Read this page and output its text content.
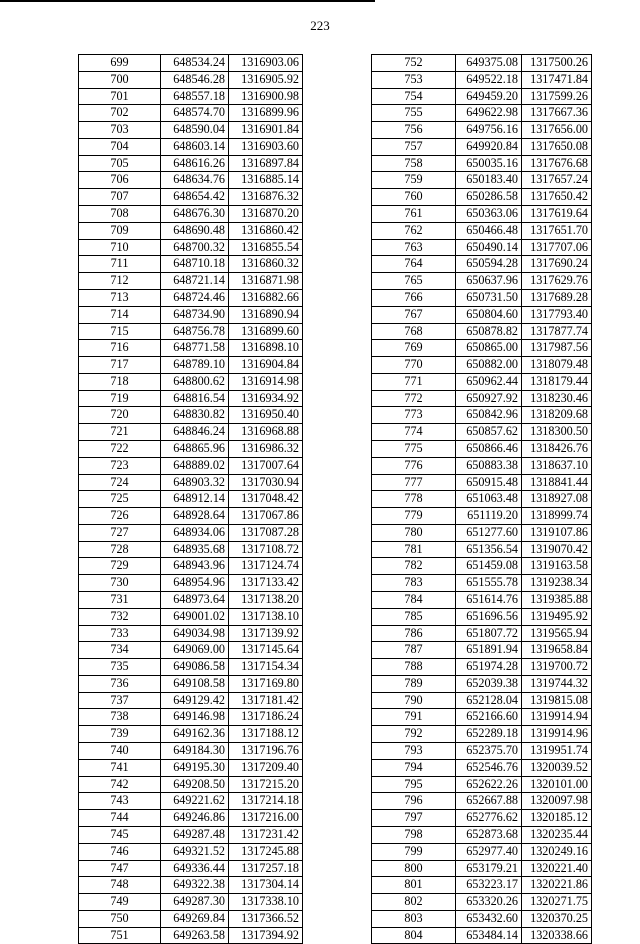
223
699	648534.24	1316903.06
700	648546.28	1316905.92
701	648557.18	1316900.98
702	648574.70	1316899.96
703	648590.04	1316901.84
704	648603.14	1316903.60
705	648616.26	1316897.84
706	648634.76	1316885.14
707	648654.42	1316876.32
708	648676.30	1316870.20
709	648690.48	1316860.42
710	648700.32	1316855.54
711	648710.18	1316860.32
712	648721.14	1316871.98
713	648724.46	1316882.66
714	648734.90	1316890.94
715	648756.78	1316899.60
716	648771.58	1316898.10
717	648789.10	1316904.84
718	648800.62	1316914.98
719	648816.54	1316934.92
720	648830.82	1316950.40
721	648846.24	1316968.88
722	648865.96	1316986.32
723	648889.02	1317007.64
724	648903.32	1317030.94
725	648912.14	1317048.42
726	648928.64	1317067.86
727	648934.06	1317087.28
728	648935.68	1317108.72
729	648943.96	1317124.74
730	648954.96	1317133.42
731	648973.64	1317138.20
732	649001.02	1317138.10
733	649034.98	1317139.92
734	649069.00	1317145.64
735	649086.58	1317154.34
736	649108.58	1317169.80
737	649129.42	1317181.42
738	649146.98	1317186.24
739	649162.36	1317188.12
740	649184.30	1317196.76
741	649195.30	1317209.40
742	649208.50	1317215.20
743	649221.62	1317214.18
744	649246.86	1317216.00
745	649287.48	1317231.42
746	649321.52	1317245.88
747	649336.44	1317257.18
748	649322.38	1317304.14
749	649287.30	1317338.10
750	649269.84	1317366.52
751	649263.58	1317394.92
752	649375.08	1317500.26
753	649522.18	1317471.84
754	649459.20	1317599.26
755	649622.98	1317667.36
756	649756.16	1317656.00
757	649920.84	1317650.08
758	650035.16	1317676.68
759	650183.40	1317657.24
760	650286.58	1317650.42
761	650363.06	1317619.64
762	650466.48	1317651.70
763	650490.14	1317707.06
764	650594.28	1317690.24
765	650637.96	1317629.76
766	650731.50	1317689.28
767	650804.60	1317793.40
768	650878.82	1317877.74
769	650865.00	1317987.56
770	650882.00	1318079.48
771	650962.44	1318179.44
772	650927.92	1318230.46
773	650842.96	1318209.68
774	650857.62	1318300.50
775	650866.46	1318426.76
776	650883.38	1318637.10
777	650915.48	1318841.44
778	651063.48	1318927.08
779	651119.20	1318999.74
780	651277.60	1319107.86
781	651356.54	1319070.42
782	651459.08	1319163.58
783	651555.78	1319238.34
784	651614.76	1319385.88
785	651696.56	1319495.92
786	651807.72	1319565.94
787	651891.94	1319658.84
788	651974.28	1319700.72
789	652039.38	1319744.32
790	652128.04	1319815.08
791	652166.60	1319914.94
792	652289.18	1319914.96
793	652375.70	1319951.74
794	652546.76	1320039.52
795	652622.26	1320101.00
796	652667.88	1320097.98
797	652776.62	1320185.12
798	652873.68	1320235.44
799	652977.40	1320249.16
800	653179.21	1320221.40
801	653223.17	1320221.86
802	653320.26	1320271.75
803	653432.60	1320370.25
804	653484.14	1320338.66
